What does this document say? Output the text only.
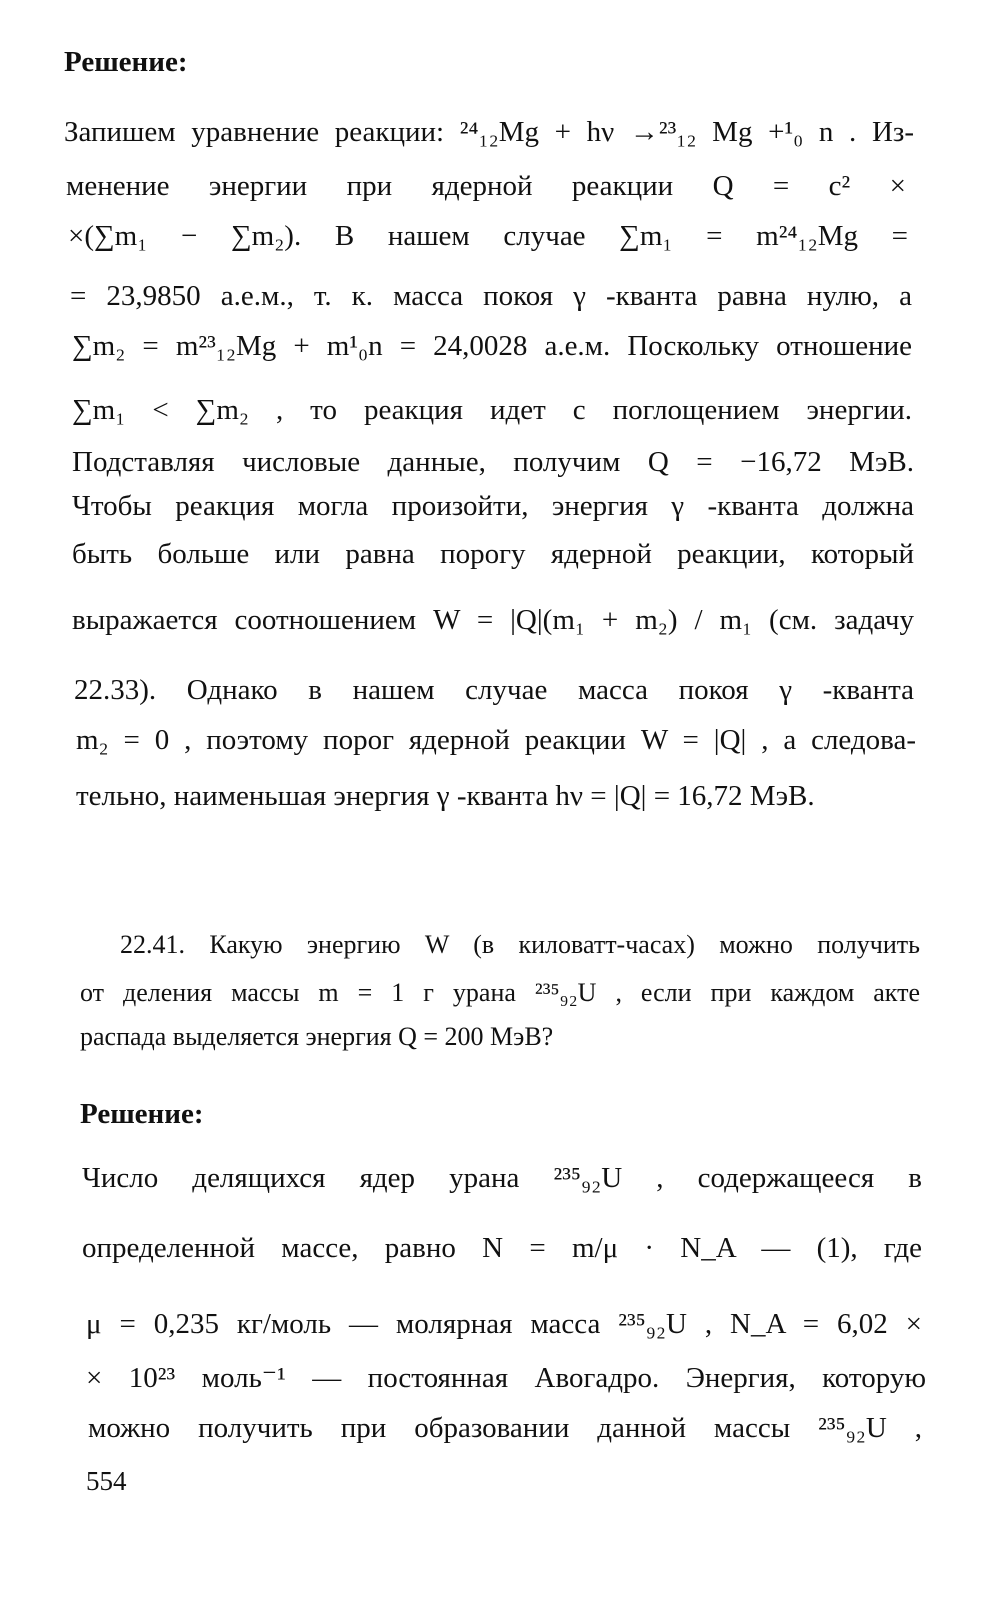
Решение:
Запишем уравнение реакции: ²⁴₁₂Mg + hν →²³₁₂ Mg +¹₀ n . Из-
менение энергии при ядерной реакции Q = c² ×
×(∑m₁ − ∑m₂). В нашем случае ∑m₁ = m²⁴₁₂Mg =
= 23,9850 а.е.м., т. к. масса покоя γ -кванта равна нулю, а
∑m₂ = m²³₁₂Mg + m¹₀n = 24,0028 а.е.м. Поскольку отношение
∑m₁ < ∑m₂ , то реакция идет с поглощением энергии.
Подставляя числовые данные, получим Q = −16,72 МэВ.
Чтобы реакция могла произойти, энергия γ -кванта должна
быть больше или равна порогу ядерной реакции, который
выражается соотношением W = |Q|(m₁ + m₂) / m₁ (см. задачу
22.33). Однако в нашем случае масса покоя γ -кванта
m₂ = 0 , поэтому порог ядерной реакции W = |Q| , а следова-
тельно, наименьшая энергия γ -кванта hν = |Q| = 16,72 МэВ.
22.41. Какую энергию W (в киловатт-часах) можно получить
от деления массы m = 1 г урана ²³⁵₉₂U , если при каждом акте
распада выделяется энергия Q = 200 МэВ?
Решение:
Число делящихся ядер урана ²³⁵₉₂U , содержащееся в
определенной массе, равно N = m/μ · N_A — (1), где
μ = 0,235 кг/моль — молярная масса ²³⁵₉₂U , N_A = 6,02 ×
× 10²³ моль⁻¹ — постоянная Авогадро. Энергия, которую
можно получить при образовании данной массы ²³⁵₉₂U ,
554
